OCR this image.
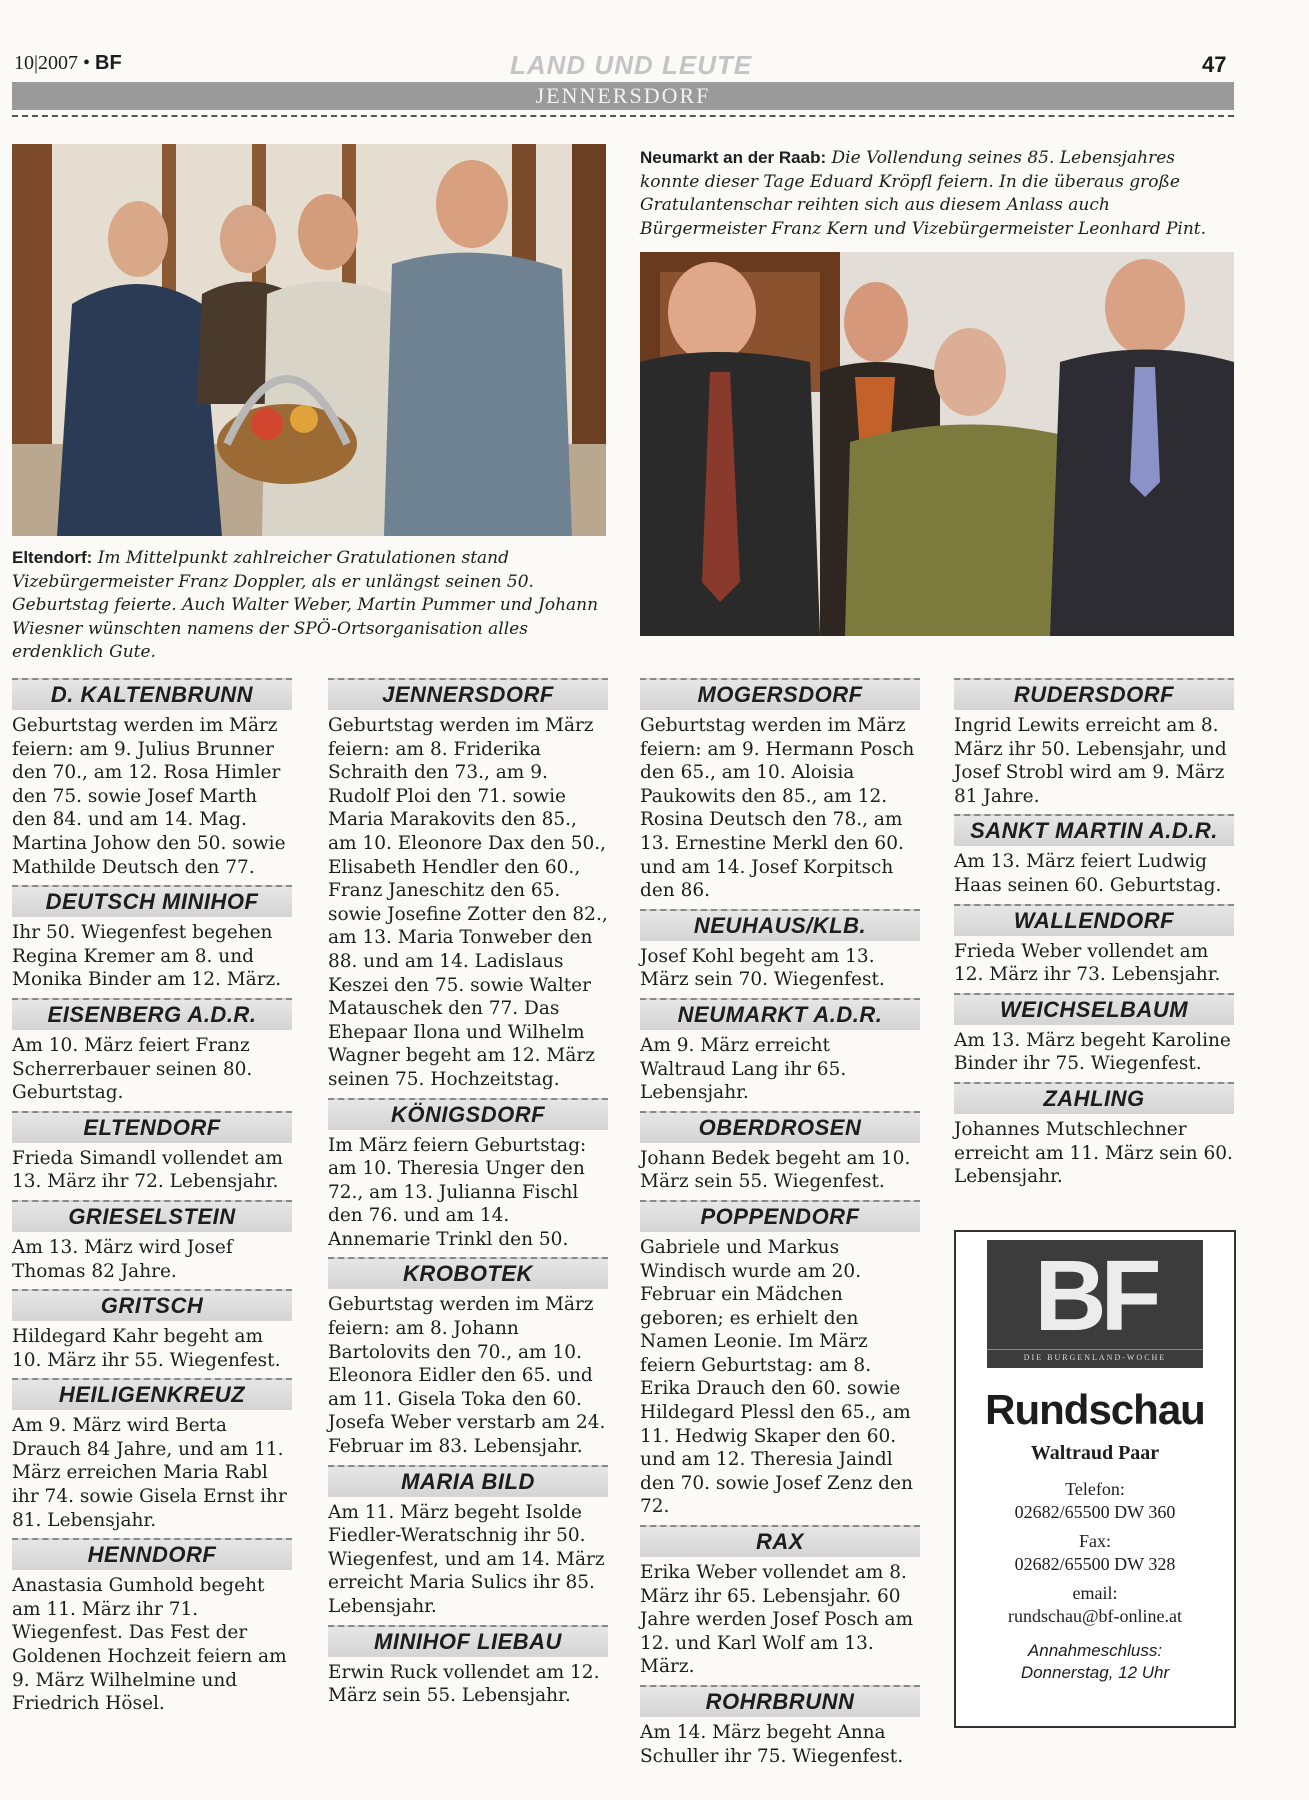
10|2007 • BF	LAND UND LEUTE	47
JENNERSDORF
Eltendorf: Im Mittelpunkt zahlreicher Gratulationen stand Vizebürgermeister Franz Doppler, als er unlängst seinen 50. Geburtstag feierte. Auch Walter Weber, Martin Pummer und Johann Wiesner wünschten namens der SPÖ-Ortsorganisation alles erdenklich Gute.
Neumarkt an der Raab: Die Vollendung seines 85. Lebensjahres konnte dieser Tage Eduard Kröpfl feiern. In die überaus große Gratulantenschar reihten sich aus diesem Anlass auch Bürgermeister Franz Kern und Vizebürgermeister Leonhard Pint.
D. KALTENBRUNN
Geburtstag werden im März feiern: am 9. Julius Brunner den 70., am 12. Rosa Himler den 75. sowie Josef Marth den 84. und am 14. Mag. Martina Johow den 50. sowie Mathilde Deutsch den 77.
DEUTSCH MINIHOF
Ihr 50. Wiegenfest begehen Regina Kremer am 8. und Monika Binder am 12. März.
EISENBERG A.D.R.
Am 10. März feiert Franz Scherrerbauer seinen 80. Geburtstag.
ELTENDORF
Frieda Simandl vollendet am 13. März ihr 72. Lebensjahr.
GRIESELSTEIN
Am 13. März wird Josef Thomas 82 Jahre.
GRITSCH
Hildegard Kahr begeht am 10. März ihr 55. Wiegenfest.
HEILIGENKREUZ
Am 9. März wird Berta Drauch 84 Jahre, und am 11. März erreichen Maria Rabl ihr 74. sowie Gisela Ernst ihr 81. Lebensjahr.
HENNDORF
Anastasia Gumhold begeht am 11. März ihr 71. Wiegenfest. Das Fest der Goldenen Hochzeit feiern am 9. März Wilhelmine und Friedrich Hösel.
JENNERSDORF
Geburtstag werden im März feiern: am 8. Friderika Schraith den 73., am 9. Rudolf Ploi den 71. sowie Maria Marakovits den 85., am 10. Eleonore Dax den 50., Elisabeth Hendler den 60., Franz Janeschitz den 65. sowie Josefine Zotter den 82., am 13. Maria Tonweber den 88. und am 14. Ladislaus Keszei den 75. sowie Walter Matauschek den 77. Das Ehepaar Ilona und Wilhelm Wagner begeht am 12. März seinen 75. Hochzeitstag.
KÖNIGSDORF
Im März feiern Geburtstag: am 10. Theresia Unger den 72., am 13. Julianna Fischl den 76. und am 14. Annemarie Trinkl den 50.
KROBOTEK
Geburtstag werden im März feiern: am 8. Johann Bartolovits den 70., am 10. Eleonora Eidler den 65. und am 11. Gisela Toka den 60. Josefa Weber verstarb am 24. Februar im 83. Lebensjahr.
MARIA BILD
Am 11. März begeht Isolde Fiedler-Weratschnig ihr 50. Wiegenfest, und am 14. März erreicht Maria Sulics ihr 85. Lebensjahr.
MINIHOF LIEBAU
Erwin Ruck vollendet am 12. März sein 55. Lebensjahr.
MOGERSDORF
Geburtstag werden im März feiern: am 9. Hermann Posch den 65., am 10. Aloisia Paukowits den 85., am 12. Rosina Deutsch den 78., am 13. Ernestine Merkl den 60. und am 14. Josef Korpitsch den 86.
NEUHAUS/KLB.
Josef Kohl begeht am 13. März sein 70. Wiegenfest.
NEUMARKT A.D.R.
Am 9. März erreicht Waltraud Lang ihr 65. Lebensjahr.
OBERDROSEN
Johann Bedek begeht am 10. März sein 55. Wiegenfest.
POPPENDORF
Gabriele und Markus Windisch wurde am 20. Februar ein Mädchen geboren; es erhielt den Namen Leonie. Im März feiern Geburtstag: am 8. Erika Drauch den 60. sowie Hildegard Plessl den 65., am 11. Hedwig Skaper den 60. und am 12. Theresia Jaindl den 70. sowie Josef Zenz den 72.
RAX
Erika Weber vollendet am 8. März ihr 65. Lebensjahr. 60 Jahre werden Josef Posch am 12. und Karl Wolf am 13. März.
ROHRBRUNN
Am 14. März begeht Anna Schuller ihr 75. Wiegenfest.
RUDERSDORF
Ingrid Lewits erreicht am 8. März ihr 50. Lebensjahr, und Josef Strobl wird am 9. März 81 Jahre.
SANKT MARTIN A.D.R.
Am 13. März feiert Ludwig Haas seinen 60. Geburtstag.
WALLENDORF
Frieda Weber vollendet am 12. März ihr 73. Lebensjahr.
WEICHSELBAUM
Am 13. März begeht Karoline Binder ihr 75. Wiegenfest.
ZAHLING
Johannes Mutschlechner erreicht am 11. März sein 60. Lebensjahr.
BF
DIE BURGENLAND-WOCHE
Rundschau
Waltraud Paar
Telefon:
02682/65500 DW 360
Fax:
02682/65500 DW 328
email:
rundschau@bf-online.at
Annahmeschluss:
Donnerstag, 12 Uhr
